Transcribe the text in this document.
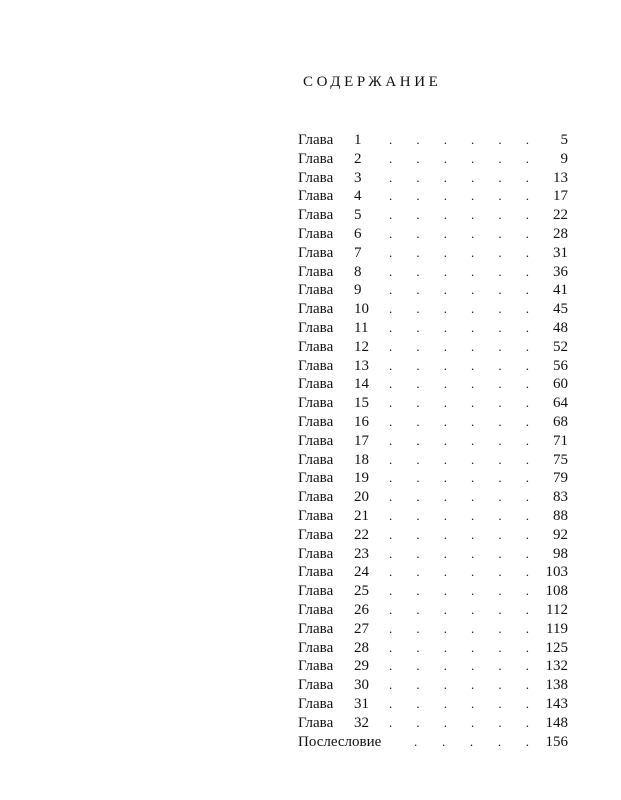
СОДЕРЖАНИЕ
Глава 1 . . . . . . 5
Глава 2 . . . . . . 9
Глава 3 . . . . . . 13
Глава 4 . . . . . . 17
Глава 5 . . . . . . 22
Глава 6 . . . . . . 28
Глава 7 . . . . . . 31
Глава 8 . . . . . . 36
Глава 9 . . . . . . 41
Глава 10 . . . . . . 45
Глава 11 . . . . . . 48
Глава 12 . . . . . . 52
Глава 13 . . . . . . 56
Глава 14 . . . . . . 60
Глава 15 . . . . . . 64
Глава 16 . . . . . . 68
Глава 17 . . . . . . 71
Глава 18 . . . . . . 75
Глава 19 . . . . . . 79
Глава 20 . . . . . . 83
Глава 21 . . . . . . 88
Глава 22 . . . . . . 92
Глава 23 . . . . . . 98
Глава 24 . . . . . . 103
Глава 25 . . . . . . 108
Глава 26 . . . . . . 112
Глава 27 . . . . . . 119
Глава 28 . . . . . . 125
Глава 29 . . . . . . 132
Глава 30 . . . . . . 138
Глава 31 . . . . . . 143
Глава 32 . . . . . . 148
Послесловие	. . . . . 156
